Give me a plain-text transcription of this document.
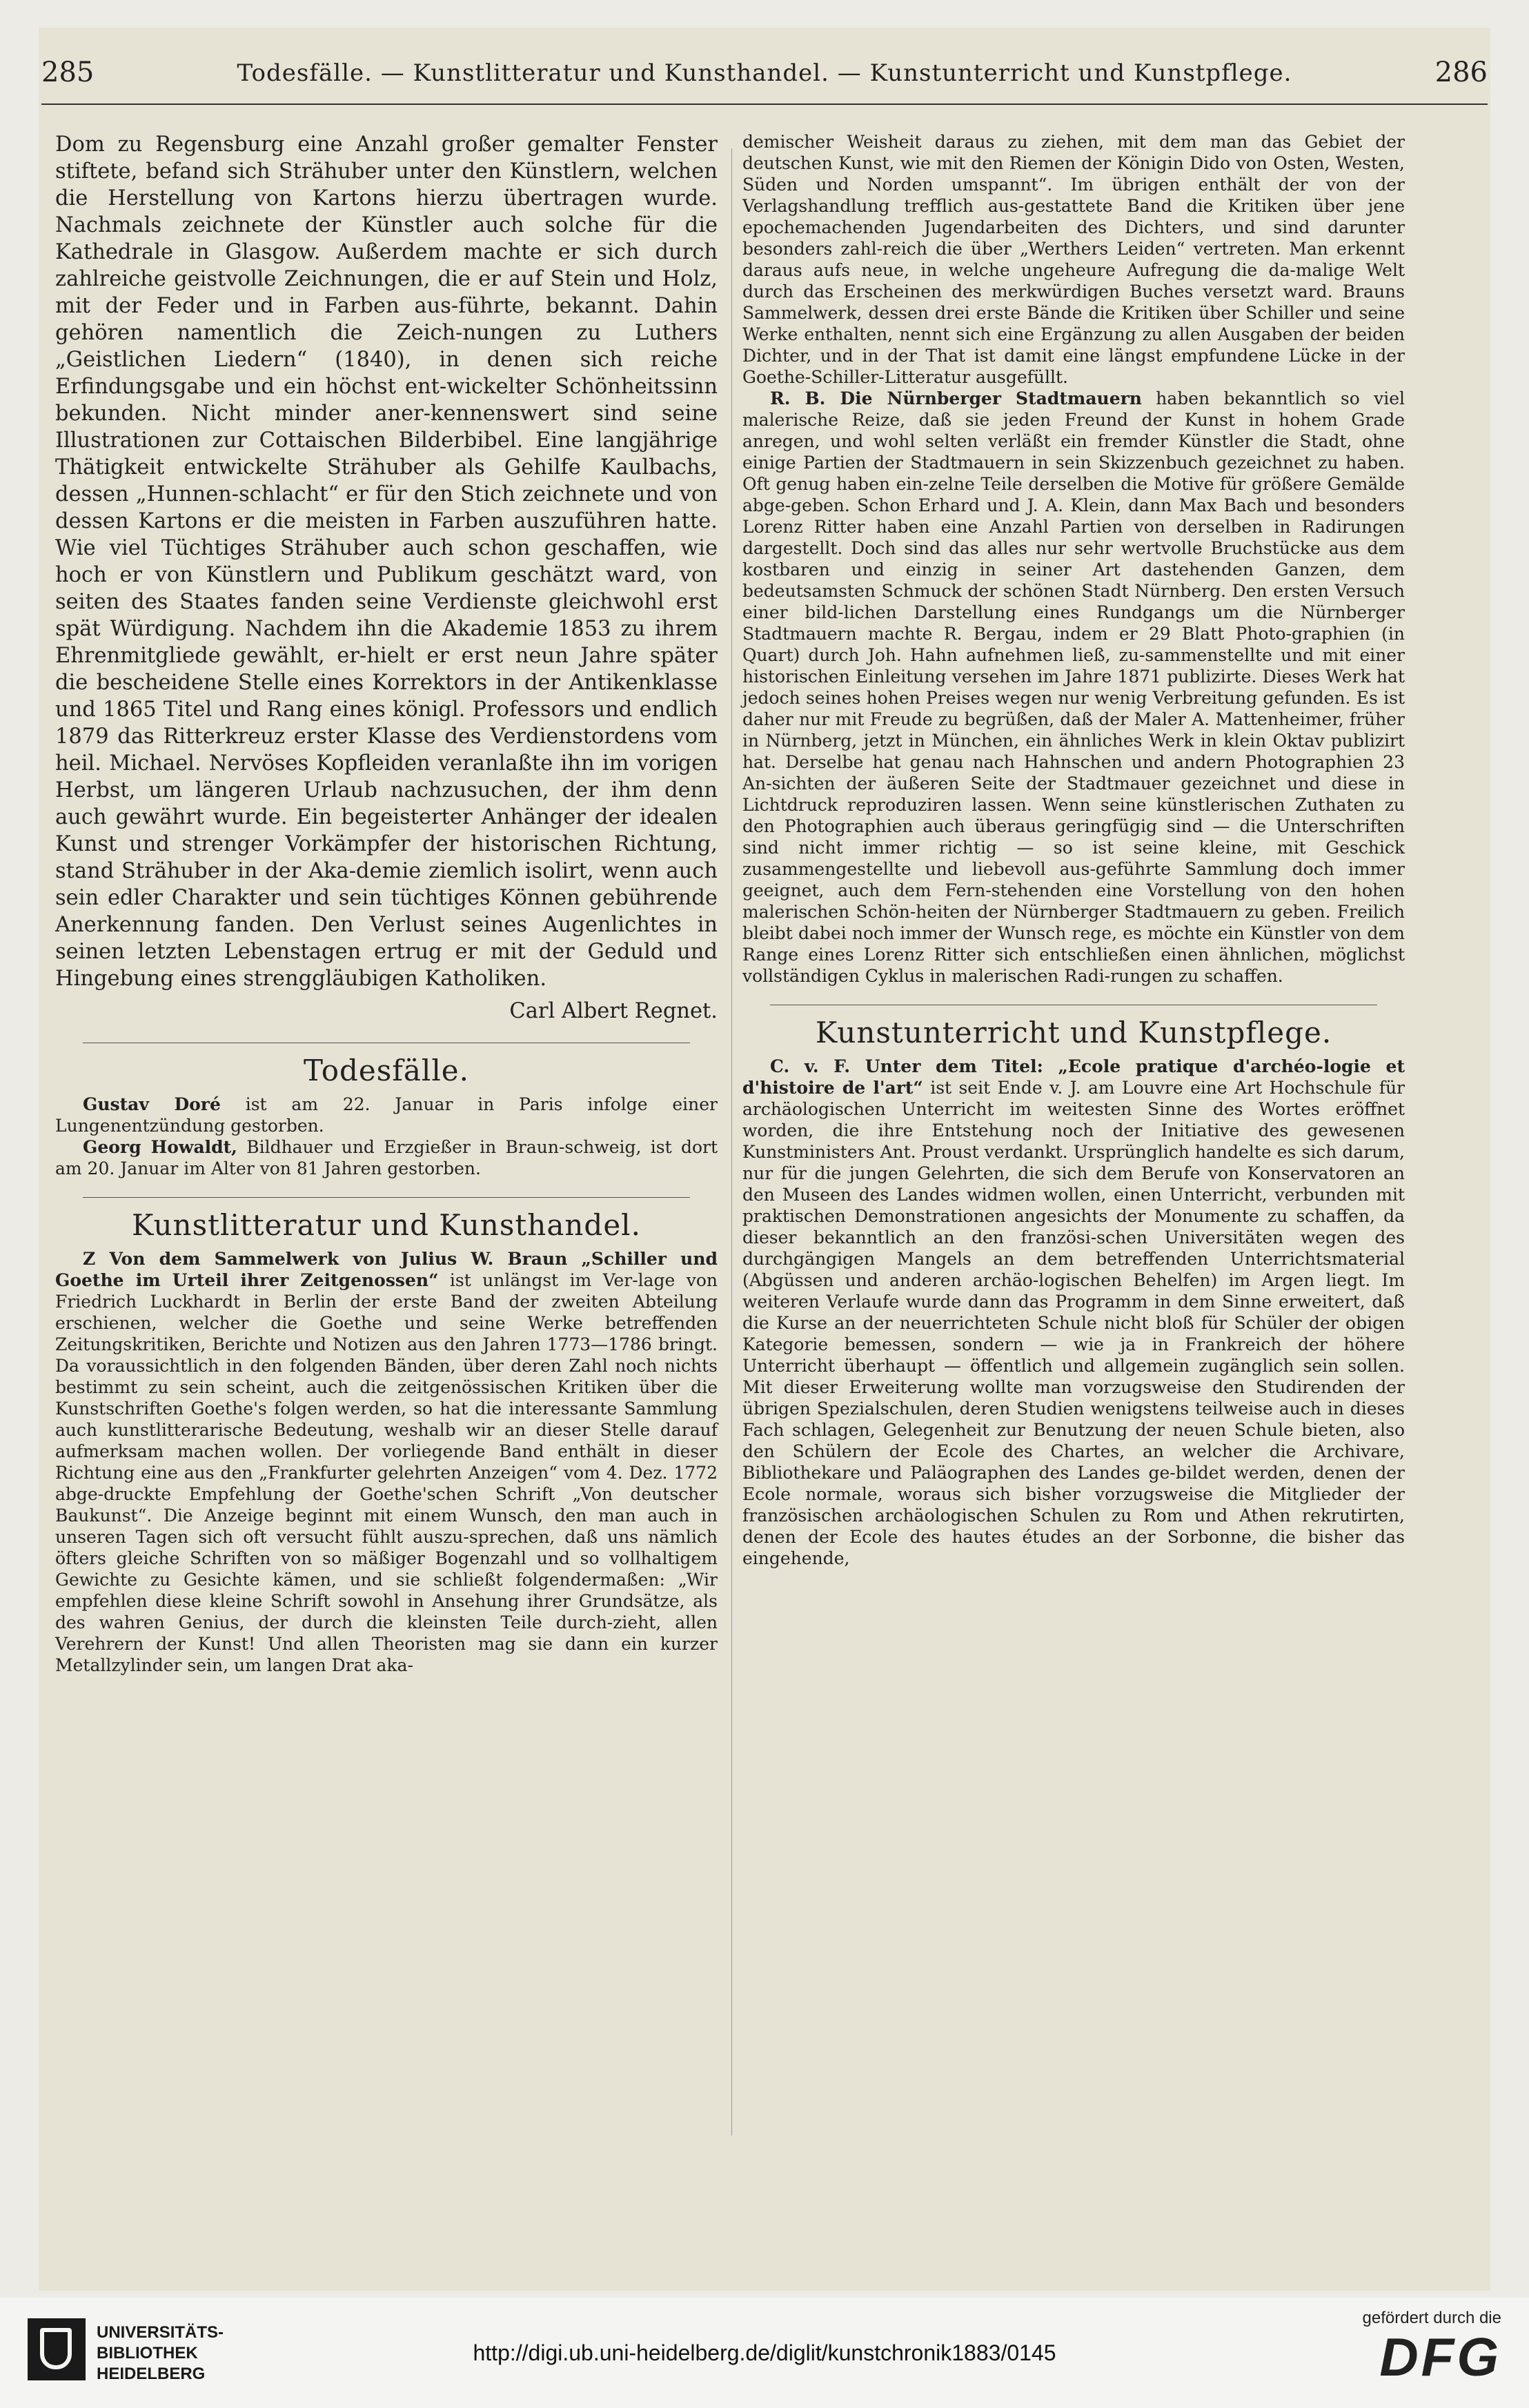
285	Todesfälle. — Kunstlitteratur und Kunsthandel. — Kunstunterricht und Kunstpflege.	286

Dom zu Regensburg eine Anzahl großer gemalter Fenster stiftete, befand sich Strähuber unter den Künstlern, welchen die Herstellung von Kartons hierzu übertragen wurde. Nachmals zeichnete der Künstler auch solche für die Kathedrale in Glasgow. Außerdem machte er sich durch zahlreiche geistvolle Zeichnungen, die er auf Stein und Holz, mit der Feder und in Farben aus-führte, bekannt. Dahin gehören namentlich die Zeich-nungen zu Luthers „Geistlichen Liedern“ (1840), in denen sich reiche Erfindungsgabe und ein höchst ent-wickelter Schönheitssinn bekunden. Nicht minder aner-kennenswert sind seine Illustrationen zur Cottaischen Bilderbibel. Eine langjährige Thätigkeit entwickelte Strähuber als Gehilfe Kaulbachs, dessen „Hunnen-schlacht“ er für den Stich zeichnete und von dessen Kartons er die meisten in Farben auszuführen hatte. Wie viel Tüchtiges Strähuber auch schon geschaffen, wie hoch er von Künstlern und Publikum geschätzt ward, von seiten des Staates fanden seine Verdienste gleichwohl erst spät Würdigung. Nachdem ihn die Akademie 1853 zu ihrem Ehrenmitgliede gewählt, er-hielt er erst neun Jahre später die bescheidene Stelle eines Korrektors in der Antikenklasse und 1865 Titel und Rang eines königl. Professors und endlich 1879 das Ritterkreuz erster Klasse des Verdienstordens vom heil. Michael. Nervöses Kopfleiden veranlaßte ihn im vorigen Herbst, um längeren Urlaub nachzusuchen, der ihm denn auch gewährt wurde. Ein begeisterter Anhänger der idealen Kunst und strenger Vorkämpfer der historischen Richtung, stand Strähuber in der Aka-demie ziemlich isolirt, wenn auch sein edler Charakter und sein tüchtiges Können gebührende Anerkennung fanden. Den Verlust seines Augenlichtes in seinen letzten Lebenstagen ertrug er mit der Geduld und Hingebung eines strenggläubigen Katholiken.

Carl Albert Regnet.

Todesfälle.

Gustav Doré ist am 22. Januar in Paris infolge einer Lungenentzündung gestorben.

Georg Howaldt, Bildhauer und Erzgießer in Braun-schweig, ist dort am 20. Januar im Alter von 81 Jahren gestorben.

Kunstlitteratur und Kunsthandel.

Z Von dem Sammelwerk von Julius W. Braun „Schiller und Goethe im Urteil ihrer Zeitgenossen“ ist unlängst im Ver-lage von Friedrich Luckhardt in Berlin der erste Band der zweiten Abteilung erschienen, welcher die Goethe und seine Werke betreffenden Zeitungskritiken, Berichte und Notizen aus den Jahren 1773—1786 bringt. Da voraussichtlich in den folgenden Bänden, über deren Zahl noch nichts bestimmt zu sein scheint, auch die zeitgenössischen Kritiken über die Kunstschriften Goethe's folgen werden, so hat die interessante Sammlung auch kunstlitterarische Bedeutung, weshalb wir an dieser Stelle darauf aufmerksam machen wollen. Der vorliegende Band enthält in dieser Richtung eine aus den „Frankfurter gelehrten Anzeigen“ vom 4. Dez. 1772 abge-druckte Empfehlung der Goethe'schen Schrift „Von deutscher Baukunst“. Die Anzeige beginnt mit einem Wunsch, den man auch in unseren Tagen sich oft versucht fühlt auszu-sprechen, daß uns nämlich öfters gleiche Schriften von so mäßiger Bogenzahl und so vollhaltigem Gewichte zu Gesichte kämen, und sie schließt folgendermaßen: „Wir empfehlen diese kleine Schrift sowohl in Ansehung ihrer Grundsätze, als des wahren Genius, der durch die kleinsten Teile durch-zieht, allen Verehrern der Kunst! Und allen Theoristen mag sie dann ein kurzer Metallzylinder sein, um langen Drat aka-

demischer Weisheit daraus zu ziehen, mit dem man das Gebiet der deutschen Kunst, wie mit den Riemen der Königin Dido von Osten, Westen, Süden und Norden umspannt“. Im übrigen enthält der von der Verlagshandlung trefflich aus-gestattete Band die Kritiken über jene epochemachenden Jugendarbeiten des Dichters, und sind darunter besonders zahl-reich die über „Werthers Leiden“ vertreten. Man erkennt daraus aufs neue, in welche ungeheure Aufregung die da-malige Welt durch das Erscheinen des merkwürdigen Buches versetzt ward. Brauns Sammelwerk, dessen drei erste Bände die Kritiken über Schiller und seine Werke enthalten, nennt sich eine Ergänzung zu allen Ausgaben der beiden Dichter, und in der That ist damit eine längst empfundene Lücke in der Goethe-Schiller-Litteratur ausgefüllt.

R. B. Die Nürnberger Stadtmauern haben bekanntlich so viel malerische Reize, daß sie jeden Freund der Kunst in hohem Grade anregen, und wohl selten verläßt ein fremder Künstler die Stadt, ohne einige Partien der Stadtmauern in sein Skizzenbuch gezeichnet zu haben. Oft genug haben ein-zelne Teile derselben die Motive für größere Gemälde abge-geben. Schon Erhard und J. A. Klein, dann Max Bach und besonders Lorenz Ritter haben eine Anzahl Partien von derselben in Radirungen dargestellt. Doch sind das alles nur sehr wertvolle Bruchstücke aus dem kostbaren und einzig in seiner Art dastehenden Ganzen, dem bedeutsamsten Schmuck der schönen Stadt Nürnberg. Den ersten Versuch einer bild-lichen Darstellung eines Rundgangs um die Nürnberger Stadtmauern machte R. Bergau, indem er 29 Blatt Photo-graphien (in Quart) durch Joh. Hahn aufnehmen ließ, zu-sammenstellte und mit einer historischen Einleitung versehen im Jahre 1871 publizirte. Dieses Werk hat jedoch seines hohen Preises wegen nur wenig Verbreitung gefunden. Es ist daher nur mit Freude zu begrüßen, daß der Maler A. Mattenheimer, früher in Nürnberg, jetzt in München, ein ähnliches Werk in klein Oktav publizirt hat. Derselbe hat genau nach Hahnschen und andern Photographien 23 An-sichten der äußeren Seite der Stadtmauer gezeichnet und diese in Lichtdruck reproduziren lassen. Wenn seine künstlerischen Zuthaten zu den Photographien auch überaus geringfügig sind — die Unterschriften sind nicht immer richtig — so ist seine kleine, mit Geschick zusammengestellte und liebevoll aus-geführte Sammlung doch immer geeignet, auch dem Fern-stehenden eine Vorstellung von den hohen malerischen Schön-heiten der Nürnberger Stadtmauern zu geben. Freilich bleibt dabei noch immer der Wunsch rege, es möchte ein Künstler von dem Range eines Lorenz Ritter sich entschließen einen ähnlichen, möglichst vollständigen Cyklus in malerischen Radi-rungen zu schaffen.

Kunstunterricht und Kunstpflege.

C. v. F. Unter dem Titel: „Ecole pratique d'archéo-logie et d'histoire de l'art“ ist seit Ende v. J. am Louvre eine Art Hochschule für archäologischen Unterricht im weitesten Sinne des Wortes eröffnet worden, die ihre Entstehung noch der Initiative des gewesenen Kunstministers Ant. Proust verdankt. Ursprünglich handelte es sich darum, nur für die jungen Gelehrten, die sich dem Berufe von Konservatoren an den Museen des Landes widmen wollen, einen Unterricht, verbunden mit praktischen Demonstrationen angesichts der Monumente zu schaffen, da dieser bekanntlich an den französi-schen Universitäten wegen des durchgängigen Mangels an dem betreffenden Unterrichtsmaterial (Abgüssen und anderen archäo-logischen Behelfen) im Argen liegt. Im weiteren Verlaufe wurde dann das Programm in dem Sinne erweitert, daß die Kurse an der neuerrichteten Schule nicht bloß für Schüler der obigen Kategorie bemessen, sondern — wie ja in Frankreich der höhere Unterricht überhaupt — öffentlich und allgemein zugänglich sein sollen. Mit dieser Erweiterung wollte man vorzugsweise den Studirenden der übrigen Spezialschulen, deren Studien wenigstens teilweise auch in dieses Fach schlagen, Gelegenheit zur Benutzung der neuen Schule bieten, also den Schülern der Ecole des Chartes, an welcher die Archivare, Bibliothekare und Paläographen des Landes ge-bildet werden, denen der Ecole normale, woraus sich bisher vorzugsweise die Mitglieder der französischen archäologischen Schulen zu Rom und Athen rekrutirten, denen der Ecole des hautes études an der Sorbonne, die bisher das eingehende,

UNIVERSITÄTS-
BIBLIOTHEK
HEIDELBERG
http://digi.ub.uni-heidelberg.de/diglit/kunstchronik1883/0145
gefördert durch die
DFG
